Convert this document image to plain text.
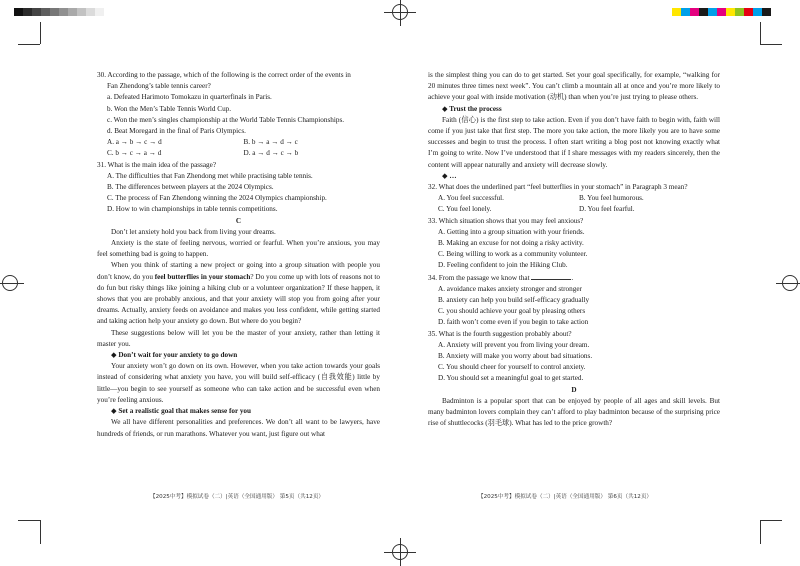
30. According to the passage, which of the following is the correct order of the events in

Fan Zhendong’s table tennis career?

a. Defeated Harimoto Tomokazu in quarterfinals in Paris.

b. Won the Men’s Table Tennis World Cup.

c. Won the men’s singles championship at the World Table Tennis Championships.

d. Beat Moregard in the final of Paris Olympics.

A. a → b → c → d	B. b → a → d → c
C. b → c → a → d	D. a → d → c → b

31. What is the main idea of the passage?

A. The difficulties that Fan Zhendong met while practising table tennis.

B. The differences between players at the 2024 Olympics.

C. The process of Fan Zhendong winning the 2024 Olympics championship.

D. How to win championships in table tennis competitions.

C

Don’t let anxiety hold you back from living your dreams.

Anxiety is the state of feeling nervous, worried or fearful. When you’re anxious, you may feel something bad is going to happen.

When you think of starting a new project or going into a group situation with people you don’t know, do you feel butterflies in your stomach? Do you come up with lots of reasons not to do fun but risky things like joining a hiking club or a volunteer organization? If these happen, it shows that you are probably anxious, and that your anxiety will stop you from going after your dreams. Actually, anxiety feeds on avoidance and makes you less confident, while getting started and taking action help your anxiety go down. But where do you begin?

These suggestions below will let you be the master of your anxiety, rather than letting it master you.

◆ Don’t wait for your anxiety to go down

Your anxiety won’t go down on its own. However, when you take action towards your goals instead of considering what anxiety you have, you will build self-efficacy (自我效能) little by little—you begin to see yourself as someone who can take action and be successful even when you’re feeling anxious.

◆ Set a realistic goal that makes sense for you

We all have different personalities and preferences. We don’t all want to be lawyers, have hundreds of friends, or run marathons. Whatever you want, just figure out what

【2025中考】模拟试卷（二）|英语（全国通用版） 第5页（共12页）

is the simplest thing you can do to get started. Set your goal specifically, for example, “walking for 20 minutes three times next week”. You can’t climb a mountain all at once and you’re more likely to achieve your goal with inside motivation (动机) than when you’re just trying to please others.

◆ Trust the process

Faith (信心) is the first step to take action. Even if you don’t have faith to begin with, faith will come if you just take that first step. The more you take action, the more likely you are to have some successes and begin to trust the process. I often start writing a blog post not knowing exactly what I’m going to write. Now I’ve understood that if I share messages with my readers sincerely, then the content will appear naturally and anxiety will decrease slowly.

◆ …

32. What does the underlined part “feel butterflies in your stomach” in Paragraph 3 mean?

A. You feel successful.	B. You feel humorous.
C. You feel lonely.	D. You feel fearful.

33. Which situation shows that you may feel anxious?

A. Getting into a group situation with your friends.

B. Making an excuse for not doing a risky activity.

C. Being willing to work as a community volunteer.

D. Feeling confident to join the Hiking Club.

34. From the passage we know that	.

A. avoidance makes anxiety stronger and stronger

B. anxiety can help you build self-efficacy gradually

C. you should achieve your goal by pleasing others

D. faith won’t come even if you begin to take action

35. What is the fourth suggestion probably about?

A. Anxiety will prevent you from living your dream.

B. Anxiety will make you worry about bad situations.

C. You should cheer for yourself to control anxiety.

D. You should set a meaningful goal to get started.

D

Badminton is a popular sport that can be enjoyed by people of all ages and skill levels. But many badminton lovers complain they can’t afford to play badminton because of the surprising price rise of shuttlecocks (羽毛球). What has led to the price growth?

【2025中考】模拟试卷（二）|英语（全国通用版） 第6页（共12页）
